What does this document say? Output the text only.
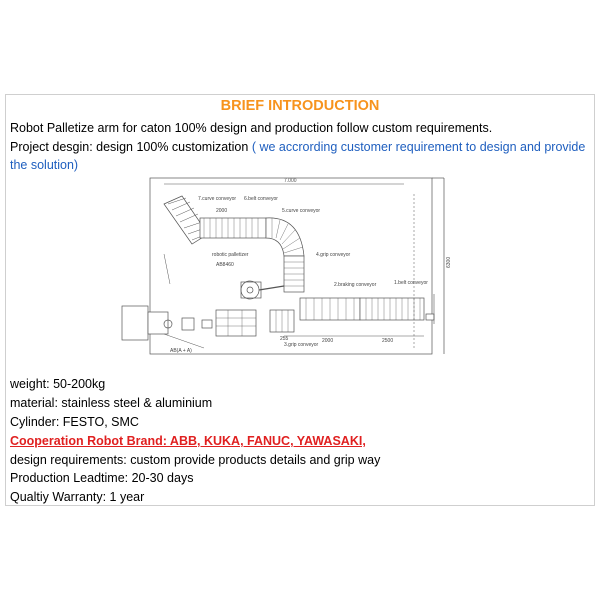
BRIEF INTRODUCTION
Robot Palletize arm for caton 100% design and production follow custom requirements.
Project desgin: design 100% customization ( we accrording customer requirement to design and provide
the solution)
7.000
7.curve conveyor 6.belt conveyor
5.curve conveyor
4.grip conveyor
robotic palletizer
AB8460
2.braking conveyor	1.belt conveyor
3.grip conveyor
2000
2000	2500
255
6300
AB(A + A)
weight: 50-200kg
material: stainless steel & aluminium
Cylinder: FESTO, SMC
Cooperation Robot Brand: ABB, KUKA, FANUC, YAWASAKI,
design requirements: custom provide products details and grip way
Production Leadtime: 20-30 days
Qualtiy Warranty: 1 year
